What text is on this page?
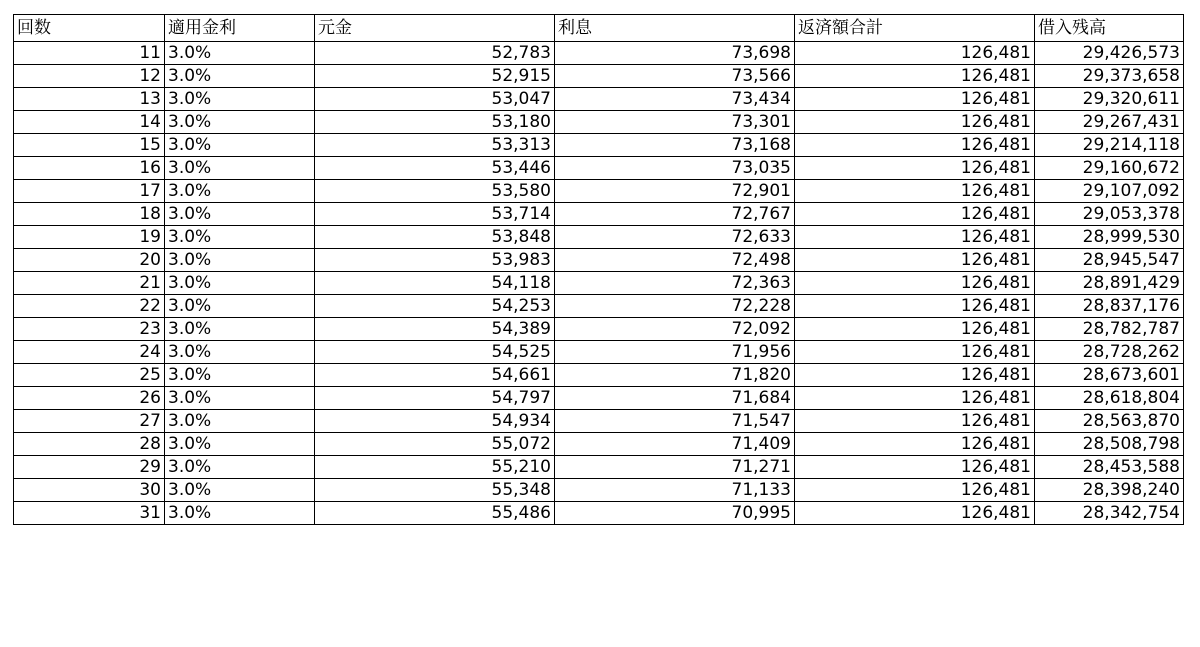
回数	適用金利	元金	利息	返済額合計	借入残高
11	3.0%	52,783	73,698	126,481	29,426,573
12	3.0%	52,915	73,566	126,481	29,373,658
13	3.0%	53,047	73,434	126,481	29,320,611
14	3.0%	53,180	73,301	126,481	29,267,431
15	3.0%	53,313	73,168	126,481	29,214,118
16	3.0%	53,446	73,035	126,481	29,160,672
17	3.0%	53,580	72,901	126,481	29,107,092
18	3.0%	53,714	72,767	126,481	29,053,378
19	3.0%	53,848	72,633	126,481	28,999,530
20	3.0%	53,983	72,498	126,481	28,945,547
21	3.0%	54,118	72,363	126,481	28,891,429
22	3.0%	54,253	72,228	126,481	28,837,176
23	3.0%	54,389	72,092	126,481	28,782,787
24	3.0%	54,525	71,956	126,481	28,728,262
25	3.0%	54,661	71,820	126,481	28,673,601
26	3.0%	54,797	71,684	126,481	28,618,804
27	3.0%	54,934	71,547	126,481	28,563,870
28	3.0%	55,072	71,409	126,481	28,508,798
29	3.0%	55,210	71,271	126,481	28,453,588
30	3.0%	55,348	71,133	126,481	28,398,240
31	3.0%	55,486	70,995	126,481	28,342,754
